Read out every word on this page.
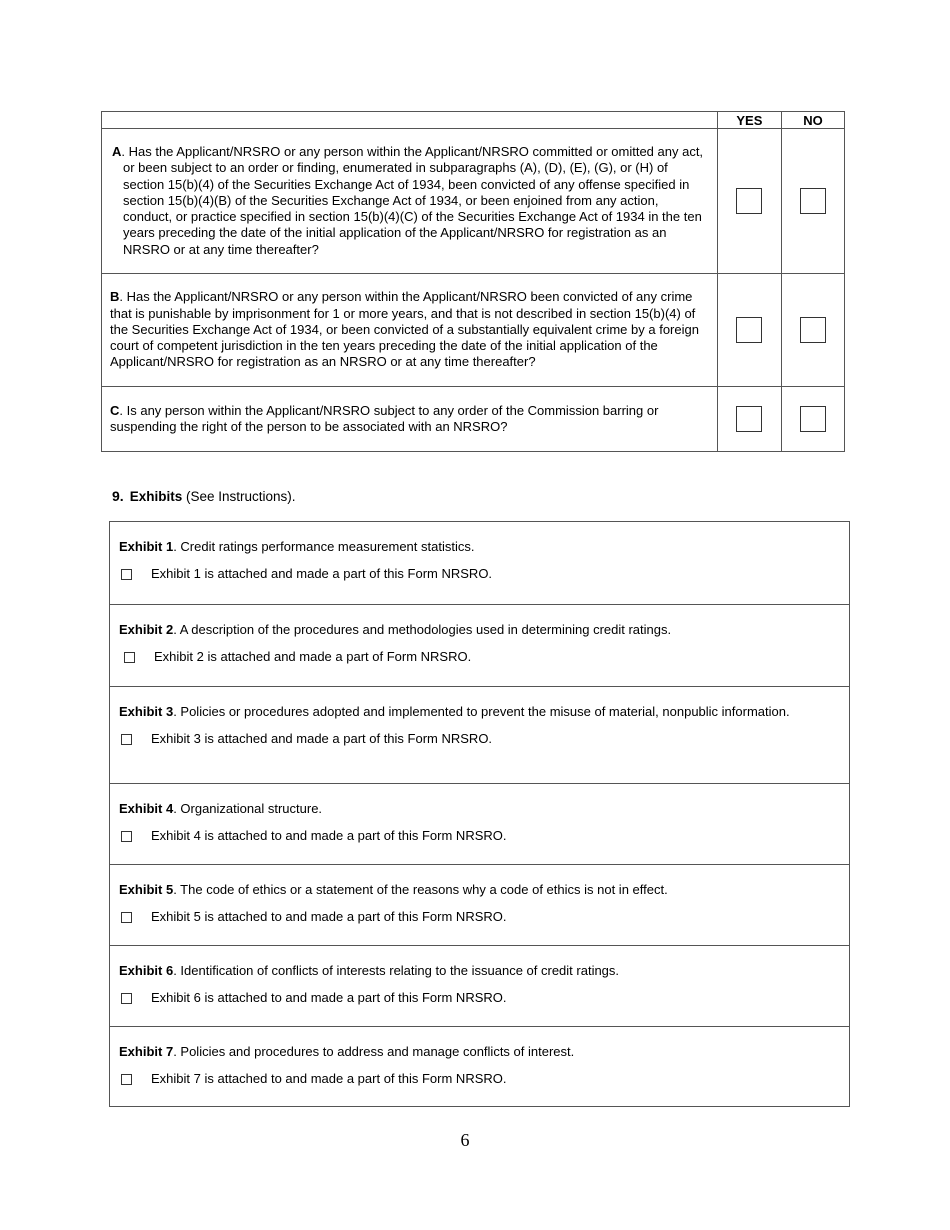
	YES	NO

A. Has the Applicant/NRSRO or any person within the Applicant/NRSRO committed or omitted any act, or been subject to an order or finding, enumerated in subparagraphs (A), (D), (E), (G), or (H) of section 15(b)(4) of the Securities Exchange Act of 1934, been convicted of any offense specified in section 15(b)(4)(B) of the Securities Exchange Act of 1934, or been enjoined from any action, conduct, or practice specified in section 15(b)(4)(C) of the Securities Exchange Act of 1934 in the ten years preceding the date of the initial application of the Applicant/NRSRO for registration as an NRSRO or at any time thereafter?		

B. Has the Applicant/NRSRO or any person within the Applicant/NRSRO been convicted of any crime that is punishable by imprisonment for 1 or more years, and that is not described in section 15(b)(4) of the Securities Exchange Act of 1934, or been convicted of a substantially equivalent crime by a foreign court of competent jurisdiction in the ten years preceding the date of the initial application of the Applicant/NRSRO for registration as an NRSRO or at any time thereafter?		

C. Is any person within the Applicant/NRSRO subject to any order of the Commission barring or suspending the right of the person to be associated with an NRSRO?		

9. Exhibits (See Instructions).
Exhibit 1. Credit ratings performance measurement statistics.
Exhibit 1 is attached and made a part of this Form NRSRO.
Exhibit 2. A description of the procedures and methodologies used in determining credit ratings.
Exhibit 2 is attached and made a part of Form NRSRO.
Exhibit 3. Policies or procedures adopted and implemented to prevent the misuse of material, nonpublic information.
Exhibit 3 is attached and made a part of this Form NRSRO.
Exhibit 4. Organizational structure.
Exhibit 4 is attached to and made a part of this Form NRSRO.
Exhibit 5. The code of ethics or a statement of the reasons why a code of ethics is not in effect.
Exhibit 5 is attached to and made a part of this Form NRSRO.
Exhibit 6. Identification of conflicts of interests relating to the issuance of credit ratings.
Exhibit 6 is attached to and made a part of this Form NRSRO.
Exhibit 7. Policies and procedures to address and manage conflicts of interest.
Exhibit 7 is attached to and made a part of this Form NRSRO.
6
